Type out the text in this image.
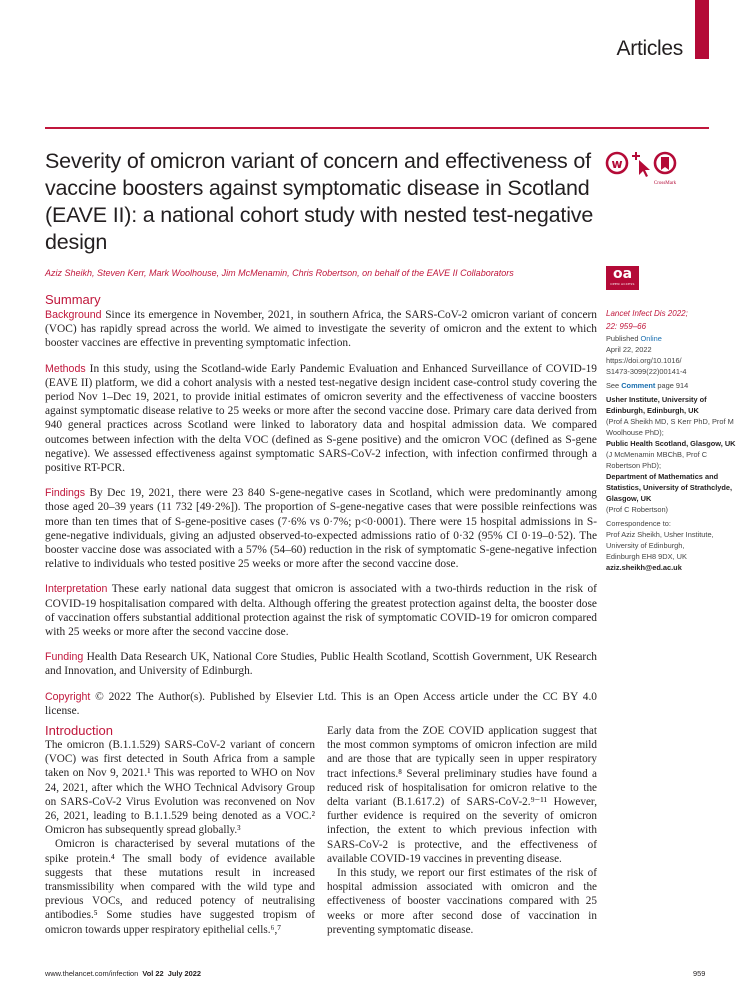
Articles
Severity of omicron variant of concern and effectiveness of vaccine boosters against symptomatic disease in Scotland (EAVE II): a national cohort study with nested test-negative design
Aziz Sheikh, Steven Kerr, Mark Woolhouse, Jim McMenamin, Chris Robertson, on behalf of the EAVE II Collaborators
w
CrossMark
oa
OPEN ACCESS
Summary

Background Since its emergence in November, 2021, in southern Africa, the SARS-CoV-2 omicron variant of concern (VOC) has rapidly spread across the world. We aimed to investigate the severity of omicron and the extent to which booster vaccines are effective in preventing symptomatic infection.

Methods In this study, using the Scotland-wide Early Pandemic Evaluation and Enhanced Surveillance of COVID-19 (EAVE II) platform, we did a cohort analysis with a nested test-negative design incident case-control study covering the period Nov 1–Dec 19, 2021, to provide initial estimates of omicron severity and the effectiveness of vaccine boosters against symptomatic disease relative to 25 weeks or more after the second vaccine dose. Primary care data derived from 940 general practices across Scotland were linked to laboratory data and hospital admission data. We compared outcomes between infection with the delta VOC (defined as S-gene positive) and the omicron VOC (defined as S-gene negative). We assessed effectiveness against symptomatic SARS-CoV-2 infection, with infection confirmed through a positive RT-PCR.

Findings By Dec 19, 2021, there were 23 840 S-gene-negative cases in Scotland, which were predominantly among those aged 20–39 years (11 732 [49·2%]). The proportion of S-gene-negative cases that were possible reinfections was more than ten times that of S-gene-positive cases (7·6% vs 0·7%; p<0·0001). There were 15 hospital admissions in S-gene-negative individuals, giving an adjusted observed-to-expected admissions ratio of 0·32 (95% CI 0·19–0·52). The booster vaccine dose was associated with a 57% (54–60) reduction in the risk of symptomatic S-gene-negative infection relative to individuals who tested positive 25 weeks or more after the second vaccine dose.

Interpretation These early national data suggest that omicron is associated with a two-thirds reduction in the risk of COVID-19 hospitalisation compared with delta. Although offering the greatest protection against delta, the booster dose of vaccination offers substantial additional protection against the risk of symptomatic COVID-19 for omicron compared with 25 weeks or more after the second vaccine dose.

Funding Health Data Research UK, National Core Studies, Public Health Scotland, Scottish Government, UK Research and Innovation, and University of Edinburgh.

Copyright © 2022 The Author(s). Published by Elsevier Ltd. This is an Open Access article under the CC BY 4.0 license.

Lancet Infect Dis 2022;
22: 959–66
Published Online
April 22, 2022
https://doi.org/10.1016/
S1473-3099(22)00141-4
See Comment page 914
Usher Institute, University of Edinburgh, Edinburgh, UK
(Prof A Sheikh MD, S Kerr PhD, Prof M Woolhouse PhD);
Public Health Scotland, Glasgow, UK
(J McMenamin MBChB, Prof C Robertson PhD);
Department of Mathematics and Statistics, University of Strathclyde, Glasgow, UK
(Prof C Robertson)
Correspondence to:
Prof Aziz Sheikh, Usher Institute,
University of Edinburgh,
Edinburgh EH8 9DX, UK
aziz.sheikh@ed.ac.uk
Introduction

The omicron (B.1.1.529) SARS-CoV-2 variant of concern (VOC) was first detected in South Africa from a sample taken on Nov 9, 2021.¹ This was reported to WHO on Nov 24, 2021, after which the WHO Technical Advisory Group on SARS-CoV-2 Virus Evolution was reconvened on Nov 26, 2021, leading to B.1.1.529 being denoted as a VOC.² Omicron has subsequently spread globally.³

Omicron is characterised by several mutations of the spike protein.⁴ The small body of evidence available suggests that these mutations result in increased transmissibility when compared with the wild type and previous VOCs, and reduced potency of neutralising antibodies.⁵ Some studies have suggested tropism of omicron towards upper respiratory epithelial cells.⁶,⁷

Early data from the ZOE COVID application suggest that the most common symptoms of omicron infection are mild and are those that are typically seen in upper respiratory tract infections.⁸ Several preliminary studies have found a reduced risk of hospitalisation for omicron relative to the delta variant (B.1.617.2) of SARS-CoV-2.⁹⁻¹¹ However, further evidence is required on the severity of omicron infection, the extent to which previous infection with SARS-CoV-2 is protective, and the effectiveness of available COVID-19 vaccines in preventing disease.

In this study, we report our first estimates of the risk of hospital admission associated with omicron and the effectiveness of booster vaccinations compared with 25 weeks or more after second dose of vaccination in preventing symptomatic disease.

www.thelancet.com/infection Vol 22 July 2022	959
